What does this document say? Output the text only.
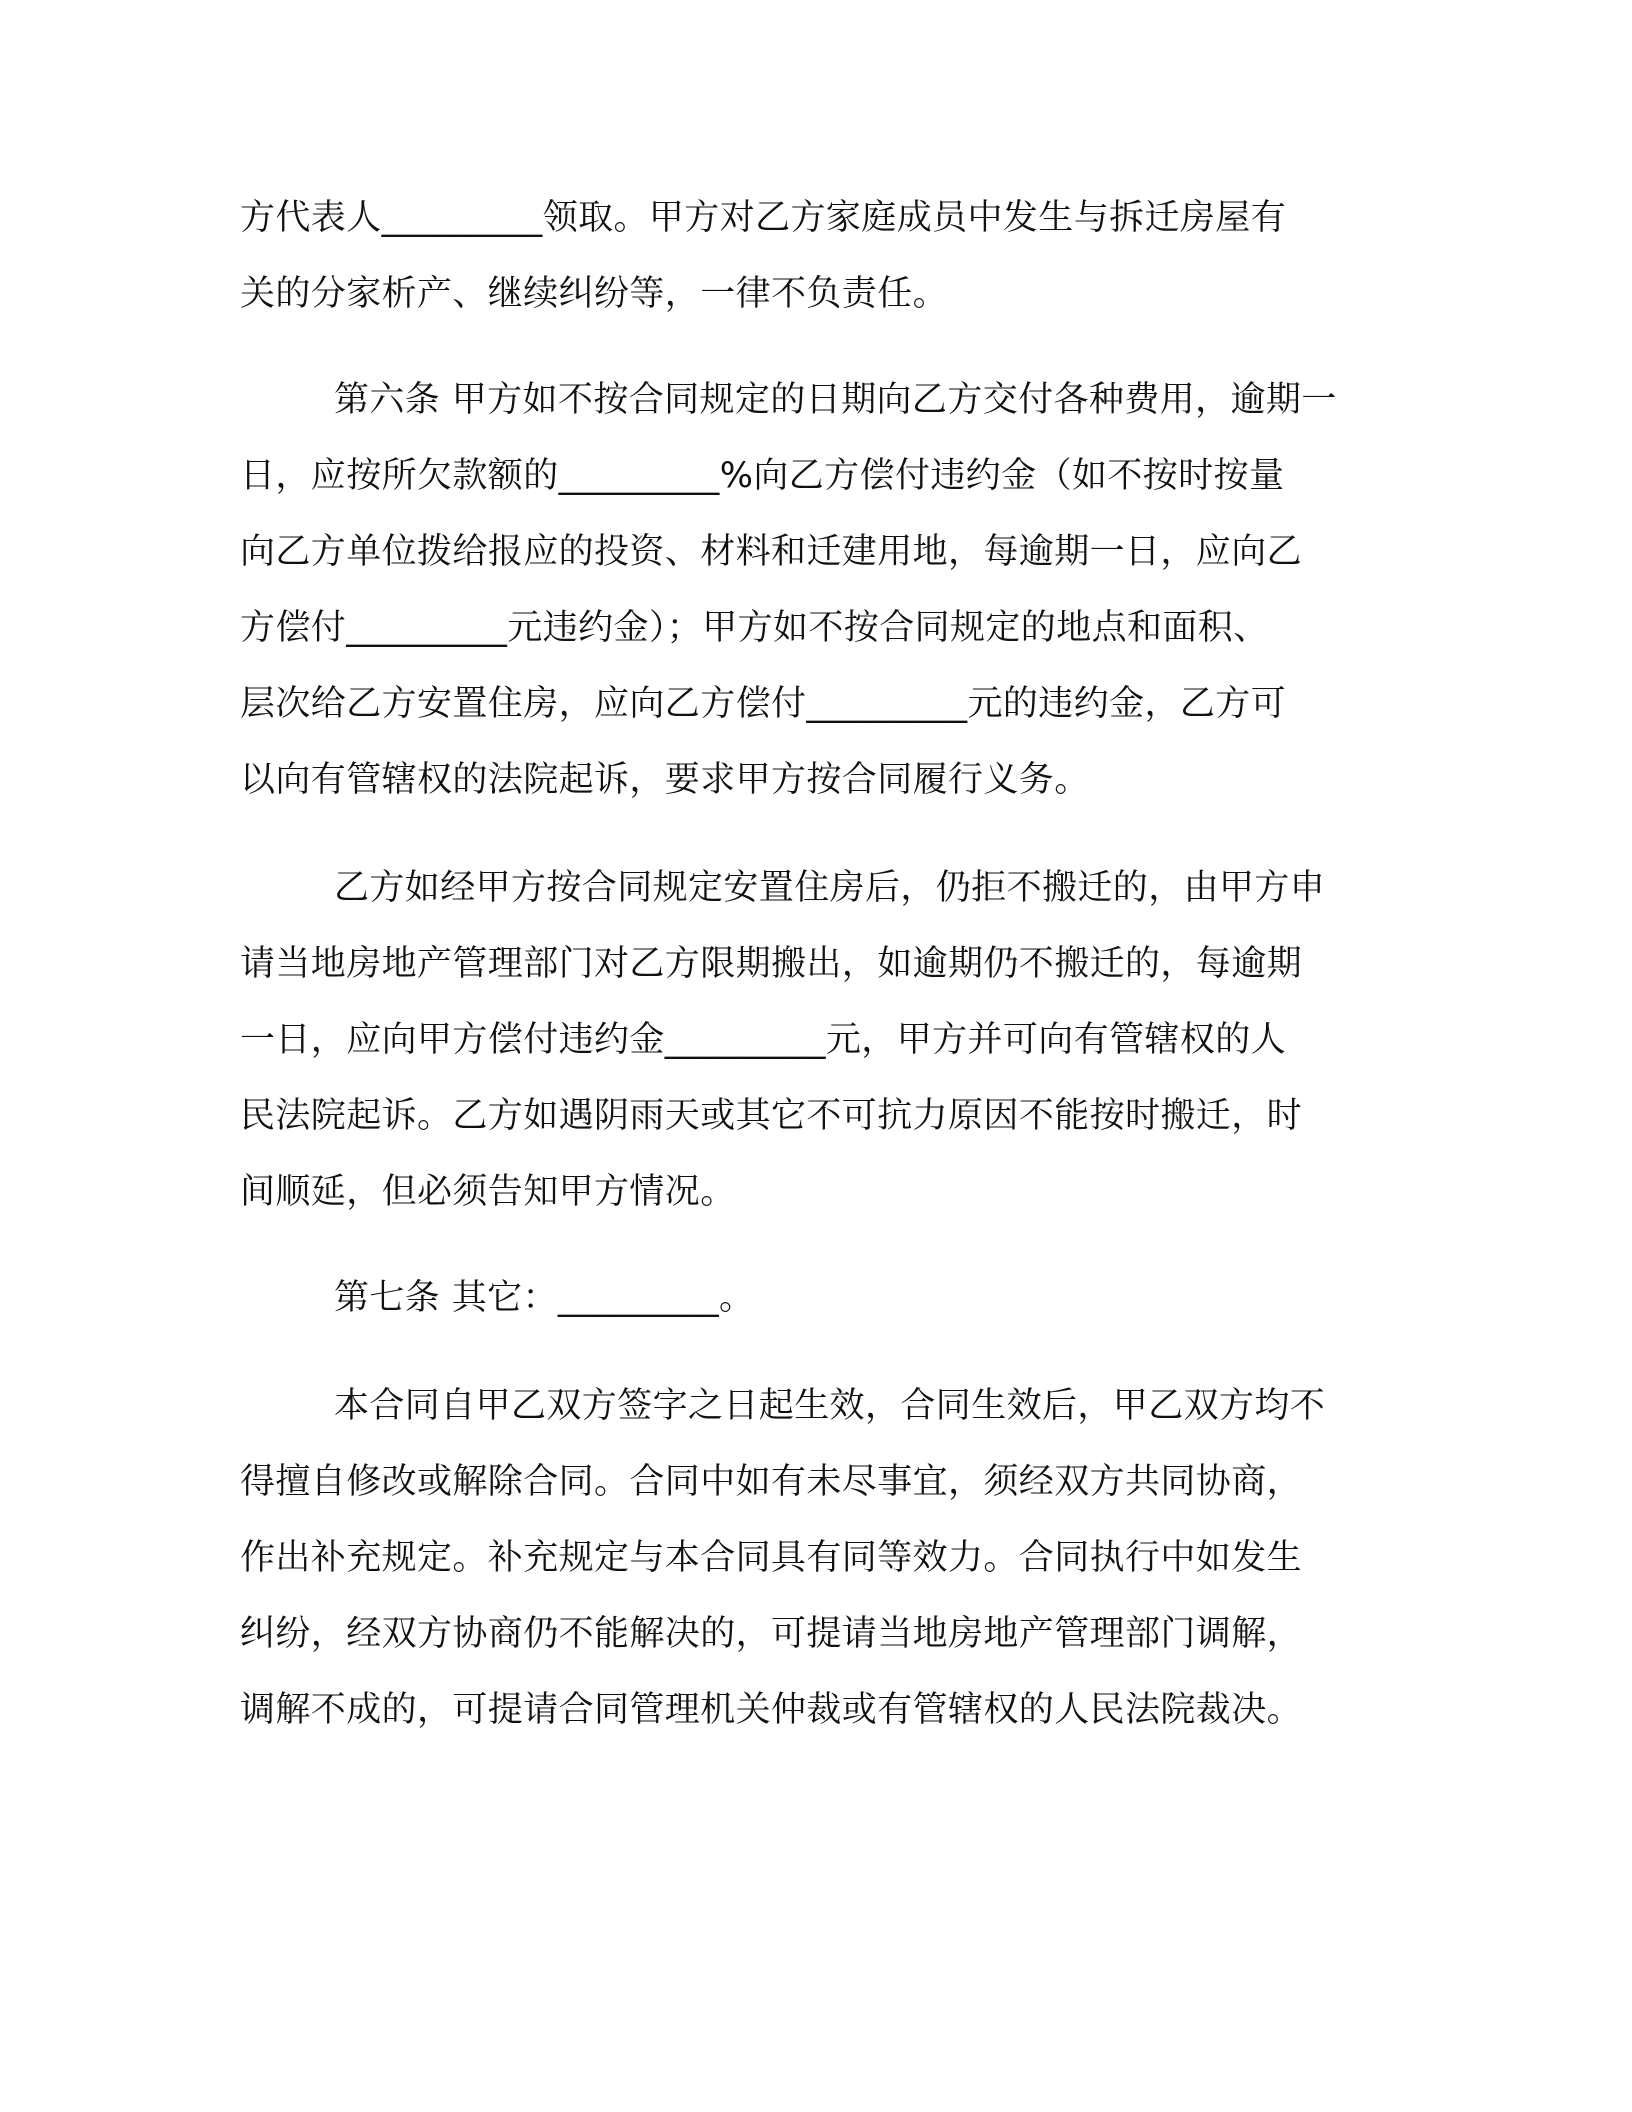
方代表人_________领取。甲方对乙方家庭成员中发生与拆迁房屋有
关的分家析产、继续纠纷等，一律不负责任。
第六条 甲方如不按合同规定的日期向乙方交付各种费用，逾期一
日，应按所欠款额的_________%向乙方偿付违约金（如不按时按量
向乙方单位拨给报应的投资、材料和迁建用地，每逾期一日，应向乙
方偿付_________元违约金）；甲方如不按合同规定的地点和面积、
层次给乙方安置住房，应向乙方偿付_________元的违约金，乙方可
以向有管辖权的法院起诉，要求甲方按合同履行义务。
乙方如经甲方按合同规定安置住房后，仍拒不搬迁的，由甲方申
请当地房地产管理部门对乙方限期搬出，如逾期仍不搬迁的，每逾期
一日，应向甲方偿付违约金_________元，甲方并可向有管辖权的人
民法院起诉。乙方如遇阴雨天或其它不可抗力原因不能按时搬迁，时
间顺延，但必须告知甲方情况。
第七条 其它：_________。
本合同自甲乙双方签字之日起生效，合同生效后，甲乙双方均不
得擅自修改或解除合同。合同中如有未尽事宜，须经双方共同协商，
作出补充规定。补充规定与本合同具有同等效力。合同执行中如发生
纠纷，经双方协商仍不能解决的，可提请当地房地产管理部门调解，
调解不成的，可提请合同管理机关仲裁或有管辖权的人民法院裁决。
